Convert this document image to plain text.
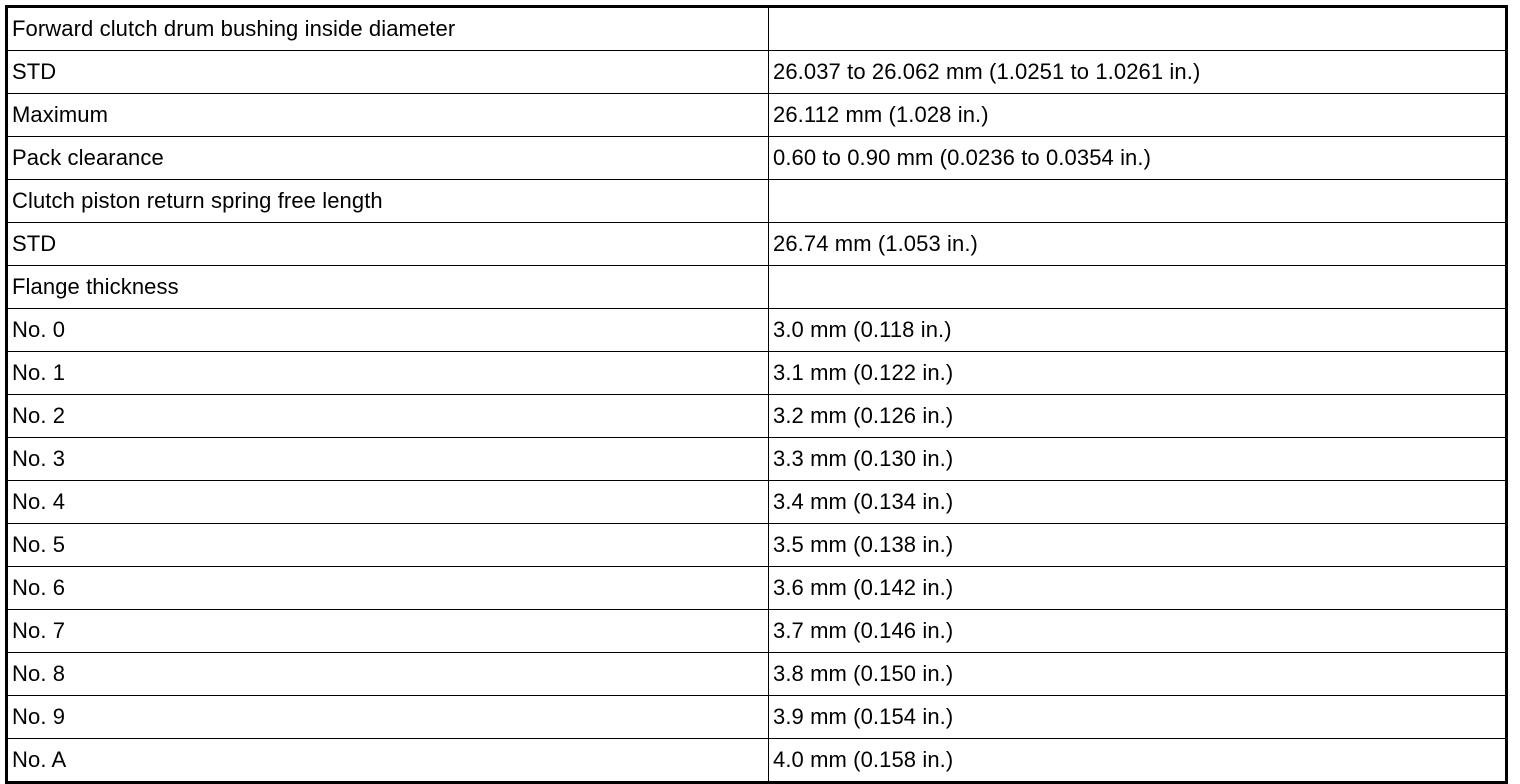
Forward clutch drum bushing inside diameter	
STD	26.037 to 26.062 mm (1.0251 to 1.0261 in.)
Maximum	26.112 mm (1.028 in.)
Pack clearance	0.60 to 0.90 mm (0.0236 to 0.0354 in.)
Clutch piston return spring free length	
STD	26.74 mm (1.053 in.)
Flange thickness	
No. 0	3.0 mm (0.118 in.)
No. 1	3.1 mm (0.122 in.)
No. 2	3.2 mm (0.126 in.)
No. 3	3.3 mm (0.130 in.)
No. 4	3.4 mm (0.134 in.)
No. 5	3.5 mm (0.138 in.)
No. 6	3.6 mm (0.142 in.)
No. 7	3.7 mm (0.146 in.)
No. 8	3.8 mm (0.150 in.)
No. 9	3.9 mm (0.154 in.)
No. A	4.0 mm (0.158 in.)
